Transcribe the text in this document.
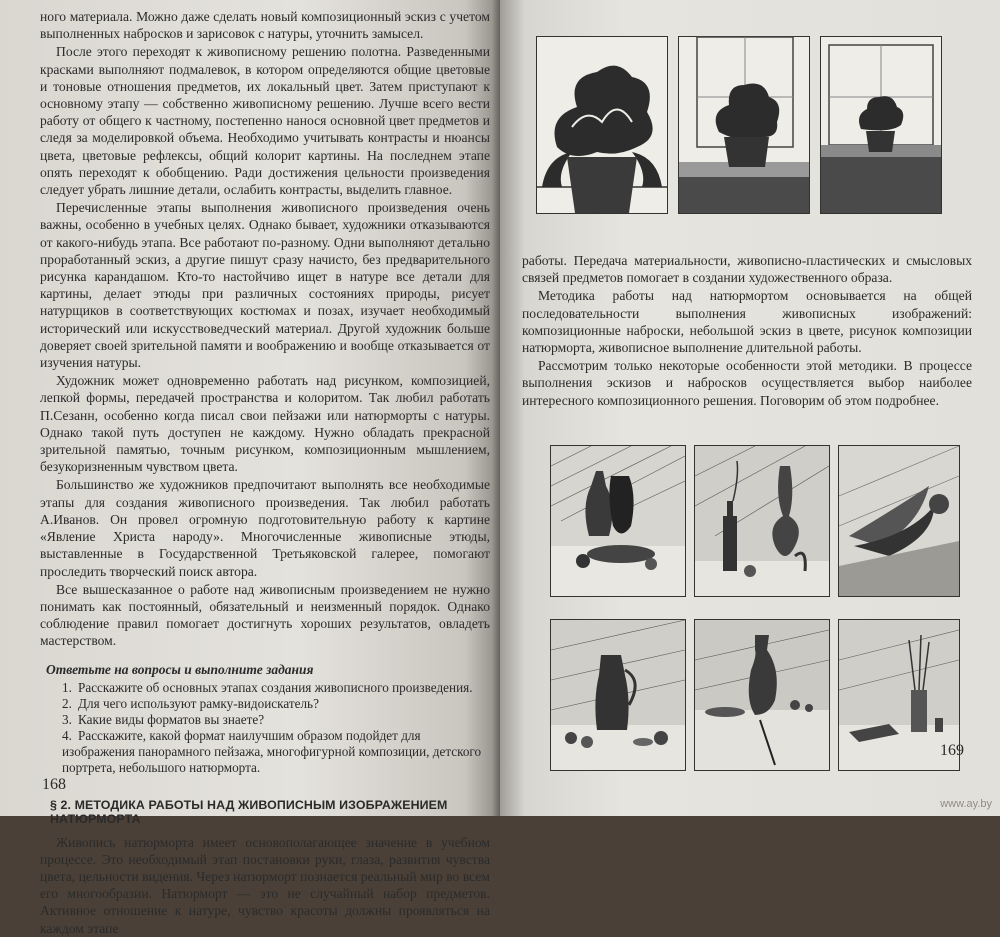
ного материала. Можно даже сделать новый композиционный эскиз с учетом выполненных набросков и зарисовок с натуры, уточнить замысел.

После этого переходят к живописному решению полотна. Разведенными красками выполняют подмалевок, в котором определяются общие цветовые и тоновые отношения предметов, их локальный цвет. Затем приступают к основному этапу — собственно живописному решению. Лучше всего вести работу от общего к частному, постепенно нанося основной цвет предметов и следя за моделировкой объема. Необходимо учитывать контрасты и нюансы цвета, цветовые рефлексы, общий колорит картины. На последнем этапе опять переходят к обобщению. Ради достижения цельности произведения следует убрать лишние детали, ослабить контрасты, выделить главное.

Перечисленные этапы выполнения живописного произведения очень важны, особенно в учебных целях. Однако бывает, художники отказываются от какого-нибудь этапа. Все работают по-разному. Одни выполняют детально проработанный эскиз, а другие пишут сразу начисто, без предварительного рисунка карандашом. Кто-то настойчиво ищет в натуре все детали для картины, делает этюды при различных состояниях природы, рисует натурщиков в соответствующих костюмах и позах, изучает необходимый исторический или искусствоведческий материал. Другой художник больше доверяет своей зрительной памяти и воображению и вообще отказывается от изучения натуры.

Художник может одновременно работать над рисунком, композицией, лепкой формы, передачей пространства и колоритом. Так любил работать П.Сезанн, особенно когда писал свои пейзажи или натюрморты с натуры. Однако такой путь доступен не каждому. Нужно обладать прекрасной зрительной памятью, точным рисунком, композиционным мышлением, безукоризненным чувством цвета.

Большинство же художников предпочитают выполнять все необходимые этапы для создания живописного произведения. Так любил работать А.Иванов. Он провел огромную подготовительную работу к картине «Явление Христа народу». Многочисленные живописные этюды, выставленные в Государственной Третьяковской галерее, помогают проследить творческий поиск автора.

Все вышесказанное о работе над живописным произведением не нужно понимать как постоянный, обязательный и неизменный порядок. Однако соблюдение правил помогает достигнуть хороших результатов, овладеть мастерством.

Ответьте на вопросы и выполните задания
1. Расскажите об основных этапах создания живописного произведения.
2. Для чего используют рамку-видоискатель?
3. Какие виды форматов вы знаете?
4. Расскажите, какой формат наилучшим образом подойдет для изображения панорамного пейзажа, многофигурной композиции, детского портрета, небольшого натюрморта.
§ 2. МЕТОДИКА РАБОТЫ НАД ЖИВОПИСНЫМ ИЗОБРАЖЕНИЕМ НАТЮРМОРТА

Живопись натюрморта имеет основополагающее значение в учебном процессе. Это необходимый этап постановки руки, глаза, развития чувства цвета, цельности видения. Через натюрморт познается реальный мир во всем его многообразии. Натюрморт — это не случайный набор предметов. Активное отношение к натуре, чувство красоты должны проявляться на каждом этапе

168

работы. Передача материальности, живописно-пластических и смысловых связей предметов помогает в создании художественного образа.

Методика работы над натюрмортом основывается на общей последовательности выполнения живописных изображений: композиционные наброски, небольшой эскиз в цвете, рисунок композиции натюрморта, живописное выполнение длительной работы.

Рассмотрим только некоторые особенности этой методики. В процессе выполнения эскизов и набросков осуществляется выбор наиболее интересного композиционного решения. Поговорим об этом подробнее.

169
www.ay.by
